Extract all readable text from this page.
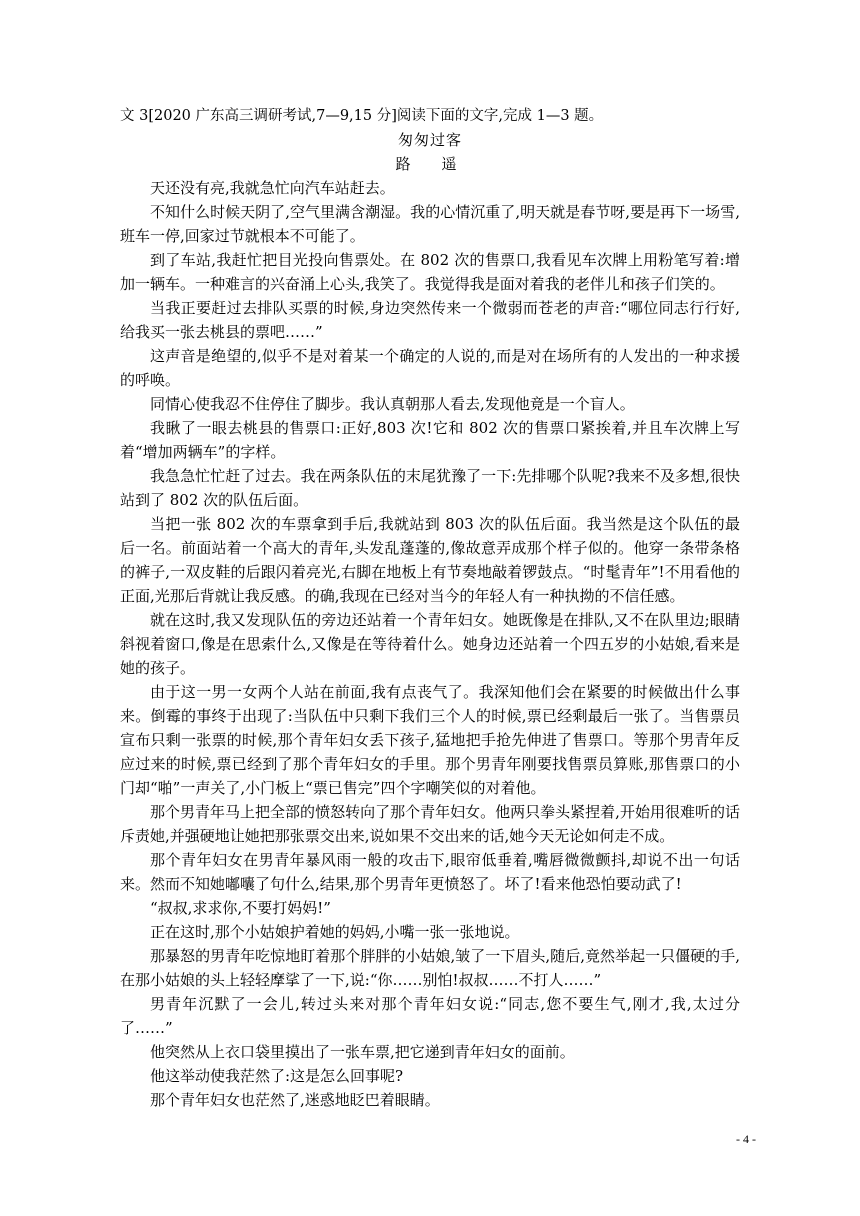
文 3[2020 广东高三调研考试,7—9,15 分]阅读下面的文字,完成 1—3 题。

匆匆过客

路　遥

天还没有亮,我就急忙向汽车站赶去。

不知什么时候天阴了,空气里满含潮湿。我的心情沉重了,明天就是春节呀,要是再下一场雪,班车一停,回家过节就根本不可能了。

到了车站,我赶忙把目光投向售票处。在 802 次的售票口,我看见车次牌上用粉笔写着:增加一辆车。一种难言的兴奋涌上心头,我笑了。我觉得我是面对着我的老伴儿和孩子们笑的。

当我正要赶过去排队买票的时候,身边突然传来一个微弱而苍老的声音:“哪位同志行行好,给我买一张去桃县的票吧……”

这声音是绝望的,似乎不是对着某一个确定的人说的,而是对在场所有的人发出的一种求援的呼唤。

同情心使我忍不住停住了脚步。我认真朝那人看去,发现他竟是一个盲人。

我瞅了一眼去桃县的售票口:正好,803 次!它和 802 次的售票口紧挨着,并且车次牌上写着“增加两辆车”的字样。

我急急忙忙赶了过去。我在两条队伍的末尾犹豫了一下:先排哪个队呢?我来不及多想,很快站到了 802 次的队伍后面。

当把一张 802 次的车票拿到手后,我就站到 803 次的队伍后面。我当然是这个队伍的最后一名。前面站着一个高大的青年,头发乱蓬蓬的,像故意弄成那个样子似的。他穿一条带条格的裤子,一双皮鞋的后跟闪着亮光,右脚在地板上有节奏地敲着锣鼓点。“时髦青年”!不用看他的正面,光那后背就让我反感。的确,我现在已经对当今的年轻人有一种执拗的不信任感。

就在这时,我又发现队伍的旁边还站着一个青年妇女。她既像是在排队,又不在队里边;眼睛斜视着窗口,像是在思索什么,又像是在等待着什么。她身边还站着一个四五岁的小姑娘,看来是她的孩子。

由于这一男一女两个人站在前面,我有点丧气了。我深知他们会在紧要的时候做出什么事来。倒霉的事终于出现了:当队伍中只剩下我们三个人的时候,票已经剩最后一张了。当售票员宣布只剩一张票的时候,那个青年妇女丢下孩子,猛地把手抢先伸进了售票口。等那个男青年反应过来的时候,票已经到了那个青年妇女的手里。那个男青年刚要找售票员算账,那售票口的小门却“啪”一声关了,小门板上“票已售完”四个字嘲笑似的对着他。

那个男青年马上把全部的愤怒转向了那个青年妇女。他两只拳头紧捏着,开始用很难听的话斥责她,并强硬地让她把那张票交出来,说如果不交出来的话,她今天无论如何走不成。

那个青年妇女在男青年暴风雨一般的攻击下,眼帘低垂着,嘴唇微微颤抖,却说不出一句话来。然而不知她嘟囔了句什么,结果,那个男青年更愤怒了。坏了!看来他恐怕要动武了!

“叔叔,求求你,不要打妈妈!”

正在这时,那个小姑娘护着她的妈妈,小嘴一张一张地说。

那暴怒的男青年吃惊地盯着那个胖胖的小姑娘,皱了一下眉头,随后,竟然举起一只僵硬的手,在那小姑娘的头上轻轻摩挲了一下,说:“你……别怕!叔叔……不打人……”

男青年沉默了一会儿,转过头来对那个青年妇女说:“同志,您不要生气,刚才,我,太过分了……”

他突然从上衣口袋里摸出了一张车票,把它递到青年妇女的面前。

他这举动使我茫然了:这是怎么回事呢?

那个青年妇女也茫然了,迷惑地眨巴着眼睛。

- 4 -
